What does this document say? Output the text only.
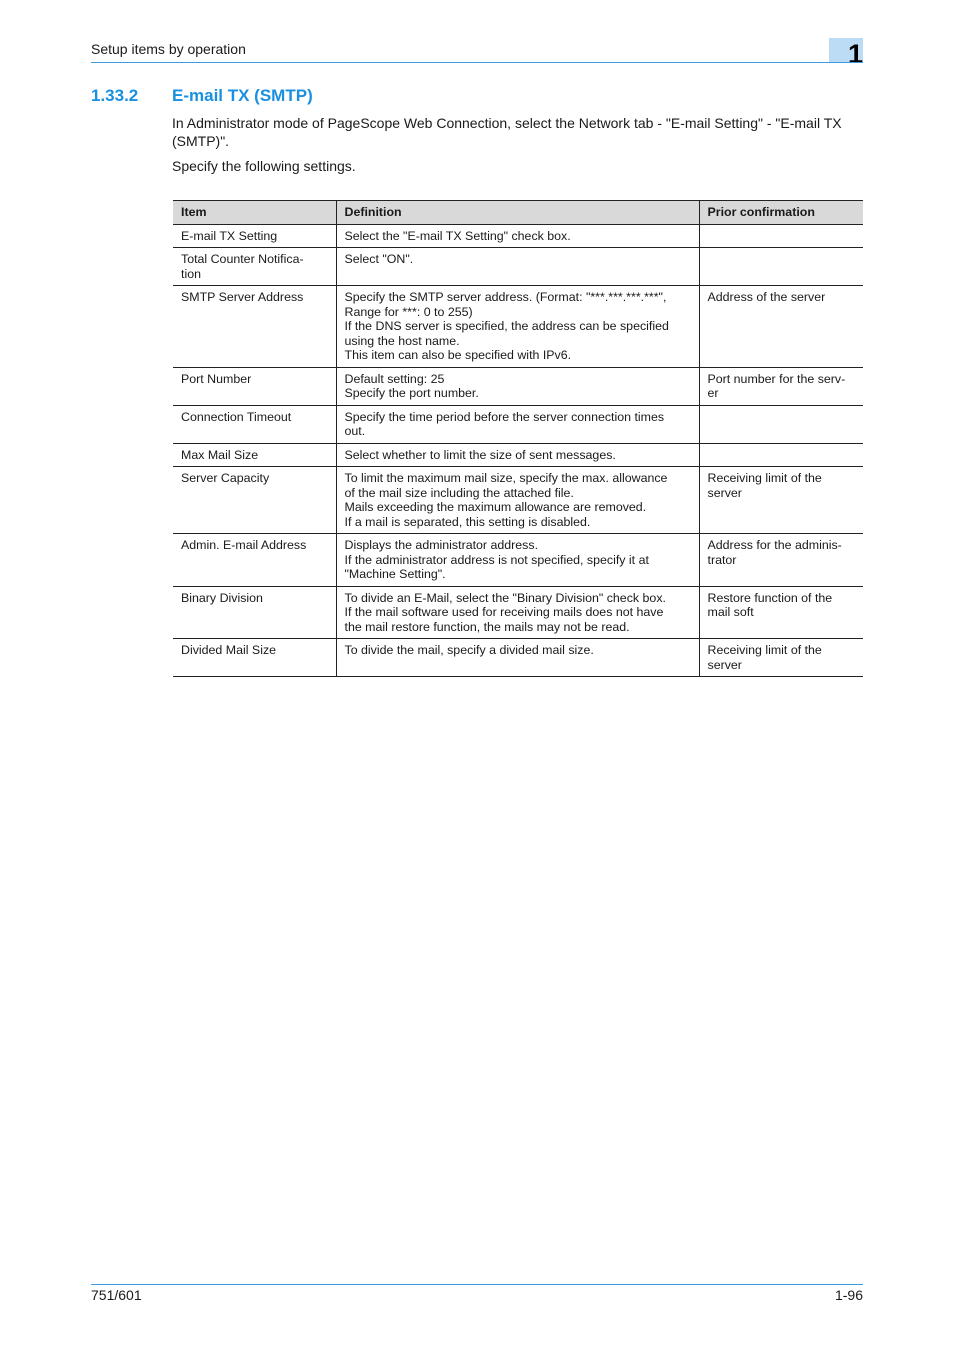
Setup items by operation	1
1.33.2 E-mail TX (SMTP)

In Administrator mode of PageScope Web Connection, select the Network tab - "E-mail Setting" - "E-mail TX (SMTP)".

Specify the following settings.

Item	Definition	Prior confirmation

E-mail TX Setting	Select the "E-mail TX Setting" check box.	

Total Counter Notifica-
tion	Select "ON".	

SMTP Server Address	Specify the SMTP server address. (Format: "***.***.***.***",
Range for ***: 0 to 255)
If the DNS server is specified, the address can be specified
using the host name.
This item can also be specified with IPv6.	Address of the server

Port Number	Default setting: 25
Specify the port number.	Port number for the serv-
er

Connection Timeout	Specify the time period before the server connection times
out.	

Max Mail Size	Select whether to limit the size of sent messages.	

Server Capacity	To limit the maximum mail size, specify the max. allowance
of the mail size including the attached file.
Mails exceeding the maximum allowance are removed.
If a mail is separated, this setting is disabled.	Receiving limit of the
server

Admin. E-mail Address	Displays the administrator address.
If the administrator address is not specified, specify it at
"Machine Setting".	Address for the adminis-
trator

Binary Division	To divide an E-Mail, select the "Binary Division" check box.
If the mail software used for receiving mails does not have
the mail restore function, the mails may not be read.	Restore function of the
mail soft

Divided Mail Size	To divide the mail, specify a divided mail size.	Receiving limit of the
server
751/601	1-96
